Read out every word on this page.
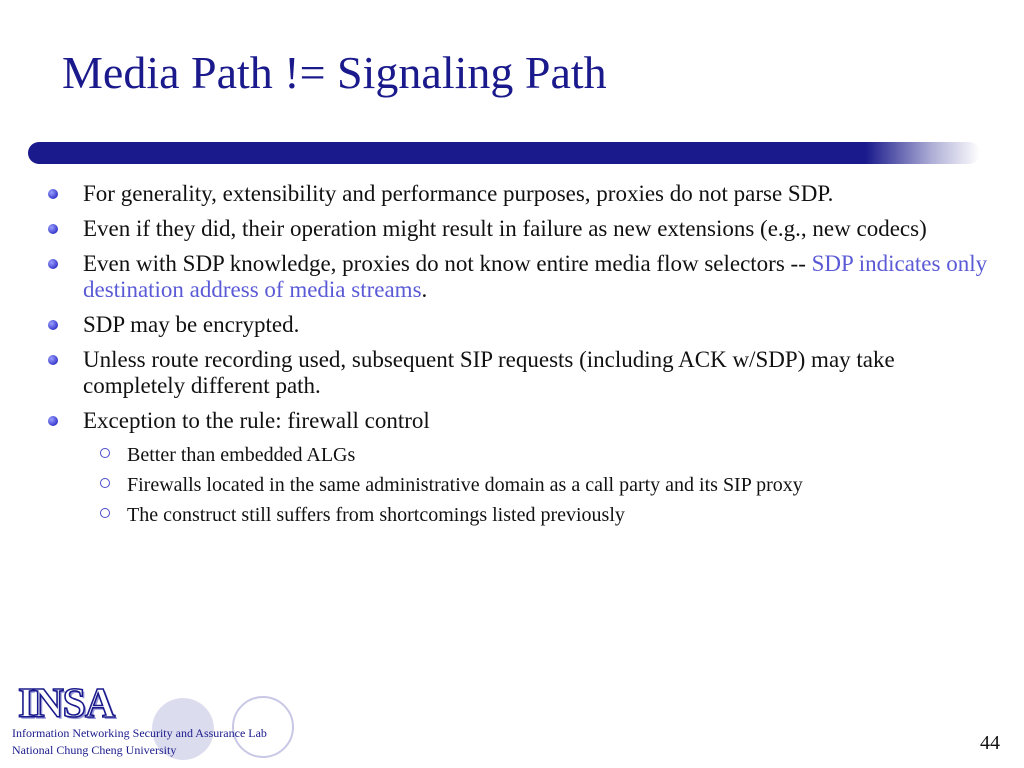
Media Path != Signaling Path
For generality, extensibility and performance purposes, proxies do not parse SDP.
Even if they did, their operation might result in failure as new extensions (e.g., new codecs)
Even with SDP knowledge, proxies do not know entire media flow selectors -- SDP indicates only destination address of media streams.
SDP may be encrypted.
Unless route recording used, subsequent SIP requests (including ACK w/SDP) may take completely different path.
Exception to the rule: firewall control
Better than embedded ALGs
Firewalls located in the same administrative domain as a call party and its SIP proxy
The construct still suffers from shortcomings listed previously
INSA
Information Networking Security and Assurance Lab
National Chung Cheng University	44
